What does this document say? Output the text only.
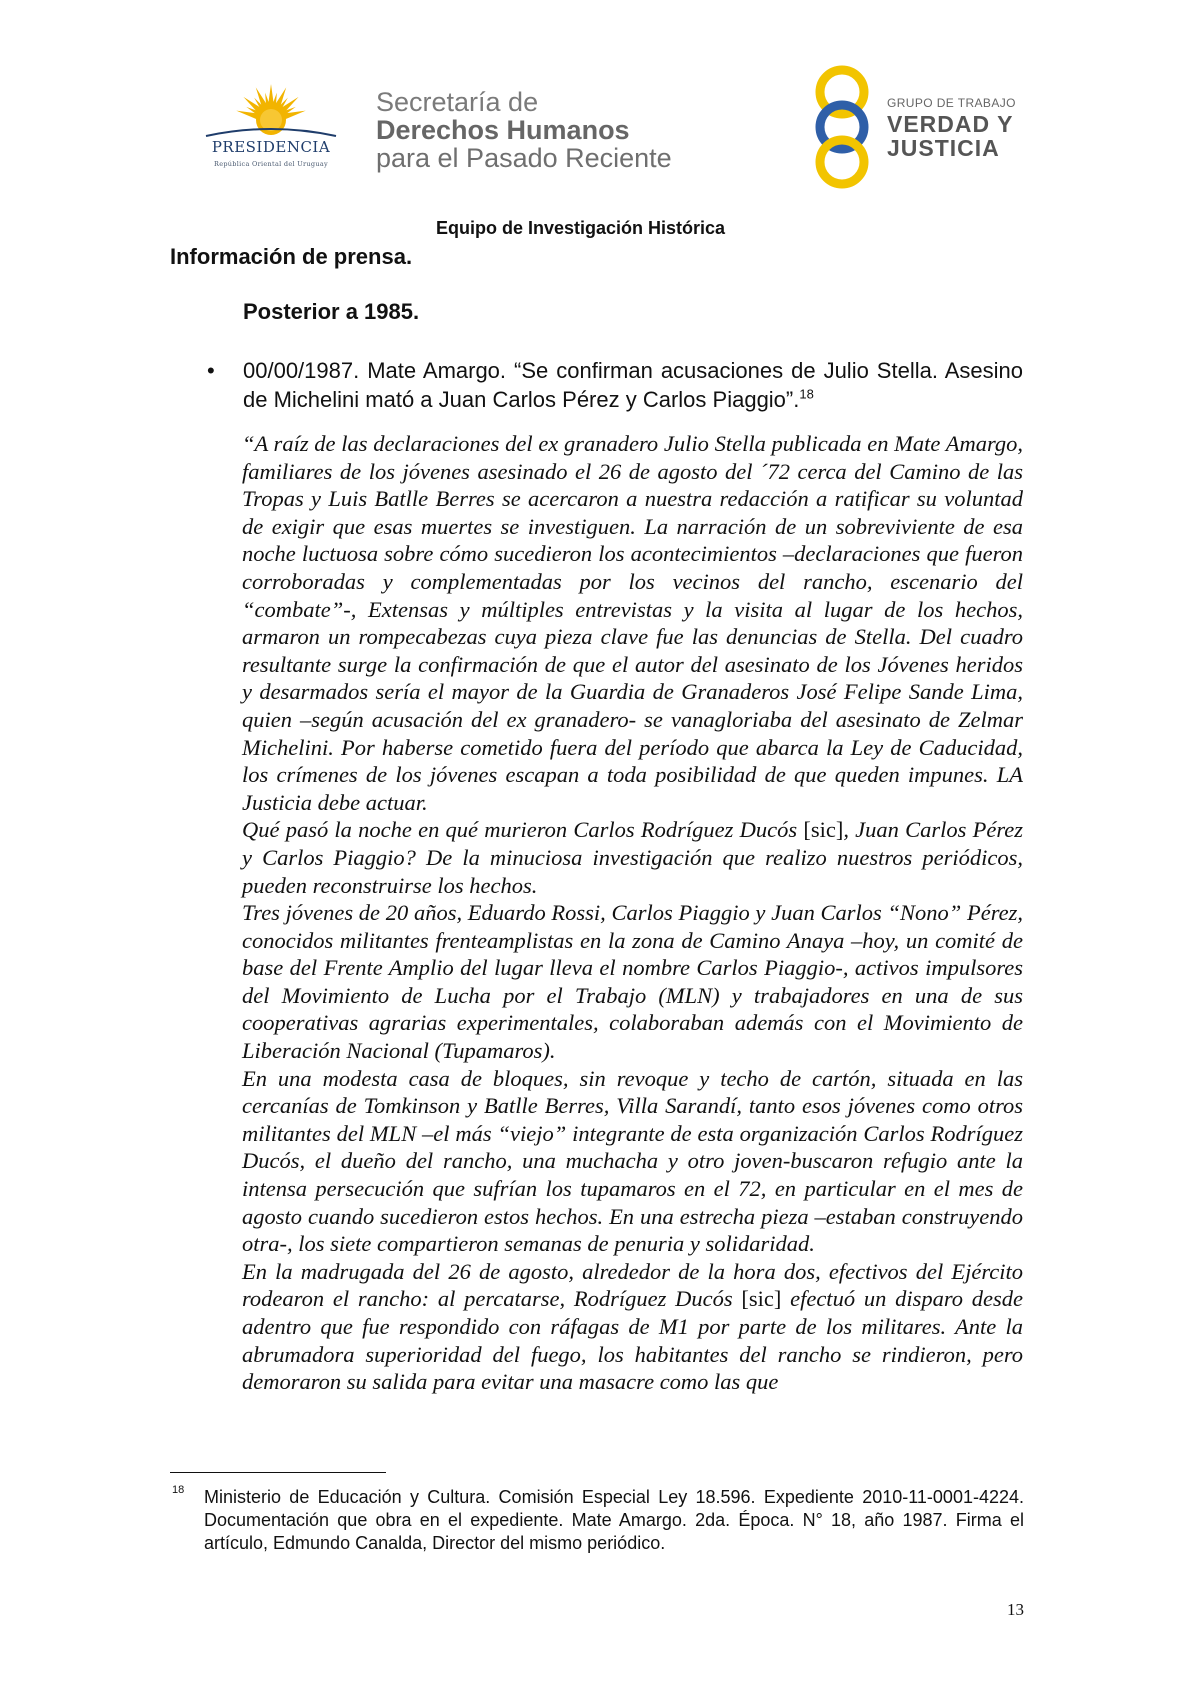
PRESIDENCIA
República Oriental del Uruguay
Secretaría de
Derechos Humanos
para el Pasado Reciente
GRUPO DE TRABAJO
VERDAD Y
JUSTICIA
Equipo de Investigación Histórica
Información de prensa.
Posterior a 1985.
• 00/00/1987. Mate Amargo. “Se confirman acusaciones de Julio Stella. Asesino de Michelini mató a Juan Carlos Pérez y Carlos Piaggio”.$^{18}$

“A raíz de las declaraciones del ex granadero Julio Stella publicada en Mate Amargo, familiares de los jóvenes asesinado el 26 de agosto del ´72 cerca del Camino de las Tropas y Luis Batlle Berres se acercaron a nuestra redacción a ratificar su voluntad de exigir que esas muertes se investiguen. La narración de un sobreviviente de esa noche luctuosa sobre cómo sucedieron los acontecimientos –declaraciones que fueron corroboradas y complementadas por los vecinos del rancho, escenario del “combate”-, Extensas y múltiples entrevistas y la visita al lugar de los hechos, armaron un rompecabezas cuya pieza clave fue las denuncias de Stella. Del cuadro resultante surge la confirmación de que el autor del asesinato de los Jóvenes heridos y desarmados sería el mayor de la Guardia de Granaderos José Felipe Sande Lima, quien –según acusación del ex granadero- se vanagloriaba del asesinato de Zelmar Michelini. Por haberse cometido fuera del período que abarca la Ley de Caducidad, los crímenes de los jóvenes escapan a toda posibilidad de que queden impunes. LA Justicia debe actuar.

Qué pasó la noche en qué murieron Carlos Rodríguez Ducós [sic], Juan Carlos Pérez y Carlos Piaggio? De la minuciosa investigación que realizo nuestros periódicos, pueden reconstruirse los hechos.

Tres jóvenes de 20 años, Eduardo Rossi, Carlos Piaggio y Juan Carlos “Nono” Pérez, conocidos militantes frenteamplistas en la zona de Camino Anaya –hoy, un comité de base del Frente Amplio del lugar lleva el nombre Carlos Piaggio-, activos impulsores del Movimiento de Lucha por el Trabajo (MLN) y trabajadores en una de sus cooperativas agrarias experimentales, colaboraban además con el Movimiento de Liberación Nacional (Tupamaros).

En una modesta casa de bloques, sin revoque y techo de cartón, situada en las cercanías de Tomkinson y Batlle Berres, Villa Sarandí, tanto esos jóvenes como otros militantes del MLN –el más “viejo” integrante de esta organización Carlos Rodríguez Ducós, el dueño del rancho, una muchacha y otro joven-buscaron refugio ante la intensa persecución que sufrían los tupamaros en el 72, en particular en el mes de agosto cuando sucedieron estos hechos. En una estrecha pieza –estaban construyendo otra-, los siete compartieron semanas de penuria y solidaridad.

En la madrugada del 26 de agosto, alrededor de la hora dos, efectivos del Ejército rodearon el rancho: al percatarse, Rodríguez Ducós [sic] efectuó un disparo desde adentro que fue respondido con ráfagas de M1 por parte de los militares. Ante la abrumadora superioridad del fuego, los habitantes del rancho se rindieron, pero demoraron su salida para evitar una masacre como las que

18 Ministerio de Educación y Cultura. Comisión Especial Ley 18.596. Expediente 2010-11-0001-4224. Documentación que obra en el expediente. Mate Amargo. 2da. Época. N° 18, año 1987. Firma el artículo, Edmundo Canalda, Director del mismo periódico.
13
